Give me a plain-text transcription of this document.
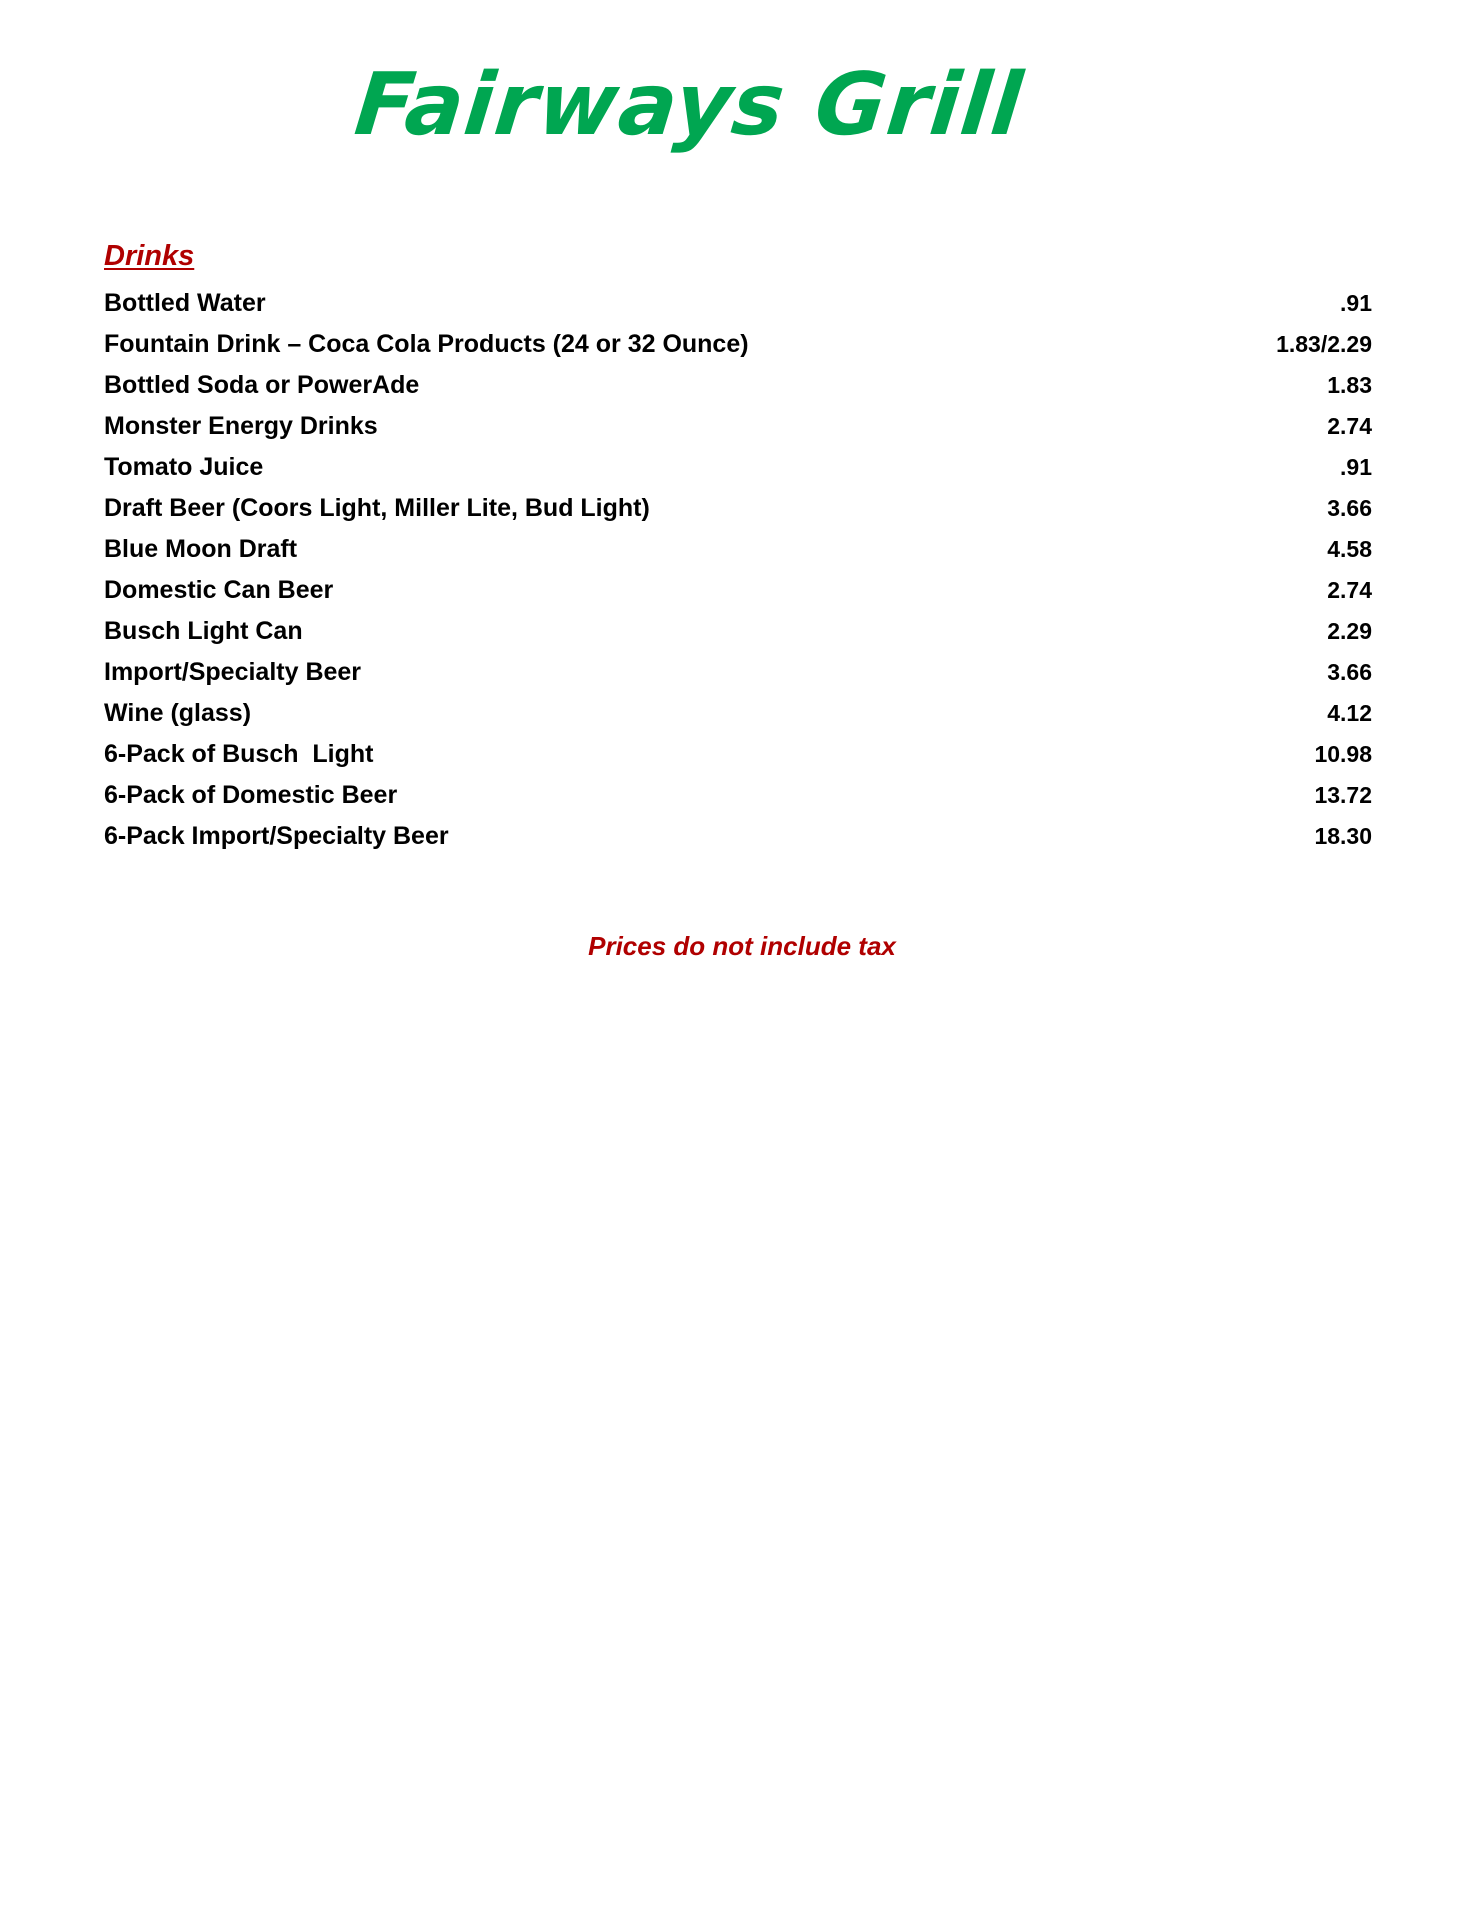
Fairways Grill
Drinks
Bottled Water	.91
Fountain Drink – Coca Cola Products (24 or 32 Ounce)	1.83/2.29
Bottled Soda or PowerAde	1.83
Monster Energy Drinks	2.74
Tomato Juice	.91
Draft Beer (Coors Light, Miller Lite, Bud Light)	3.66
Blue Moon Draft	4.58
Domestic Can Beer	2.74
Busch Light Can	2.29
Import/Specialty Beer	3.66
Wine (glass)	4.12
6-Pack of Busch  Light	10.98
6-Pack of Domestic Beer	13.72
6-Pack Import/Specialty Beer	18.30
Prices do not include tax
